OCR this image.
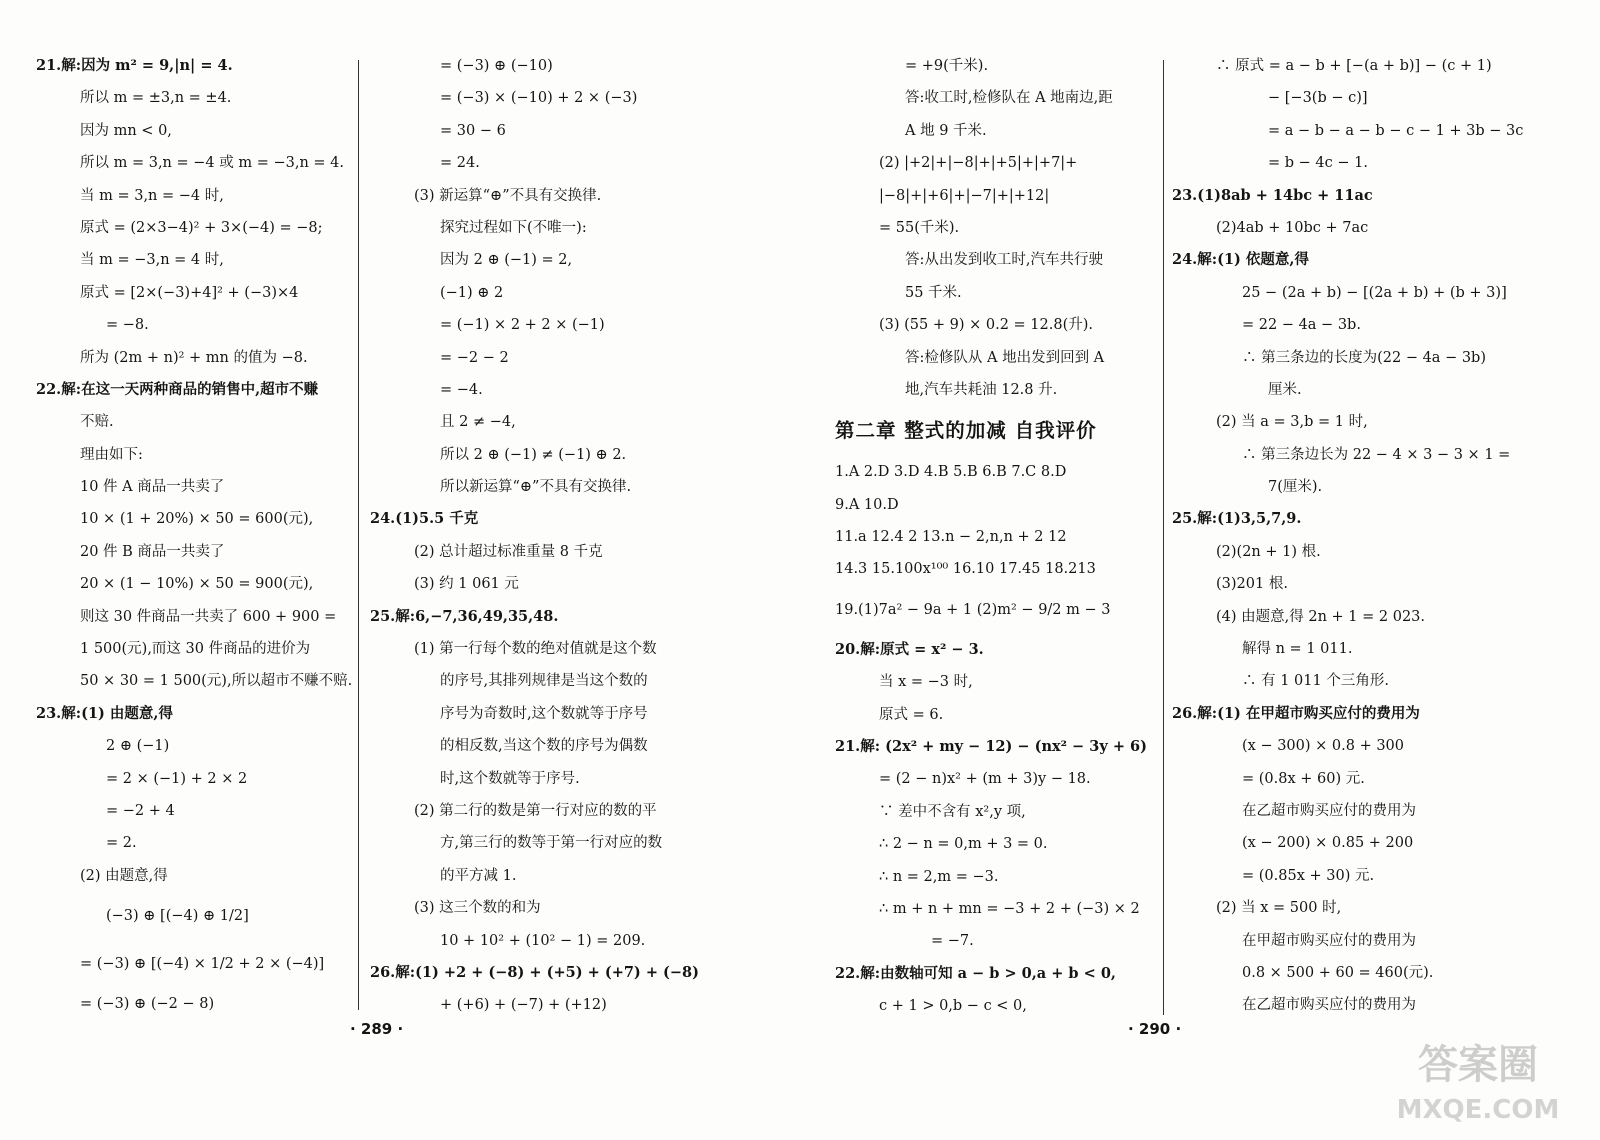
21.解:因为 m² = 9,|n| = 4.
所以 m = ±3,n = ±4.
因为 mn < 0,
所以 m = 3,n = −4 或 m = −3,n = 4.
当 m = 3,n = −4 时,
原式 = (2×3−4)² + 3×(−4) = −8;
当 m = −3,n = 4 时,
原式 = [2×(−3)+4]² + (−3)×4
= −8.
所为 (2m + n)² + mn 的值为 −8.
22.解:在这一天两种商品的销售中,超市不赚
不赔.
理由如下:
10 件 A 商品一共卖了
10 × (1 + 20%) × 50 = 600(元),
20 件 B 商品一共卖了
20 × (1 − 10%) × 50 = 900(元),
则这 30 件商品一共卖了 600 + 900 =
1 500(元),而这 30 件商品的进价为
50 × 30 = 1 500(元),所以超市不赚不赔.
23.解:(1) 由题意,得
2 ⊕ (−1)
= 2 × (−1) + 2 × 2
= −2 + 4
= 2.
(2) 由题意,得
(−3) ⊕ [(−4) ⊕ 1/2]
= (−3) ⊕ [(−4) × 1/2 + 2 × (−4)]
= (−3) ⊕ (−2 − 8)
= (−3) ⊕ (−10)
= (−3) × (−10) + 2 × (−3)
= 30 − 6
= 24.
(3) 新运算“⊕”不具有交换律.
探究过程如下(不唯一):
因为 2 ⊕ (−1) = 2,
(−1) ⊕ 2
= (−1) × 2 + 2 × (−1)
= −2 − 2
= −4.
且 2 ≠ −4,
所以 2 ⊕ (−1) ≠ (−1) ⊕ 2.
所以新运算“⊕”不具有交换律.
24.(1)5.5 千克
(2) 总计超过标准重量 8 千克
(3) 约 1 061 元
25.解:6,−7,36,49,35,48.
(1) 第一行每个数的绝对值就是这个数
的序号,其排列规律是当这个数的
序号为奇数时,这个数就等于序号
的相反数,当这个数的序号为偶数
时,这个数就等于序号.
(2) 第二行的数是第一行对应的数的平
方,第三行的数等于第一行对应的数
的平方减 1.
(3) 这三个数的和为
10 + 10² + (10² − 1) = 209.
26.解:(1) +2 + (−8) + (+5) + (+7) + (−8)
+ (+6) + (−7) + (+12)
· 289 ·
= +9(千米).
答:收工时,检修队在 A 地南边,距
A 地 9 千米.
(2) |+2|+|−8|+|+5|+|+7|+
|−8|+|+6|+|−7|+|+12|
= 55(千米).
答:从出发到收工时,汽车共行驶
55 千米.
(3) (55 + 9) × 0.2 = 12.8(升).
答:检修队从 A 地出发到回到 A
地,汽车共耗油 12.8 升.
第二章 整式的加减 自我评价
1.A 2.D 3.D 4.B 5.B 6.B 7.C 8.D
9.A 10.D
11.a 12.4 2 13.n − 2,n,n + 2 12
14.3 15.100x¹⁰⁰ 16.10 17.45 18.213
19.(1)7a² − 9a + 1 (2)m² − 9/2 m − 3
20.解:原式 = x² − 3.
当 x = −3 时,
原式 = 6.
21.解: (2x² + my − 12) − (nx² − 3y + 6)
= (2 − n)x² + (m + 3)y − 18.
∵ 差中不含有 x²,y 项,
∴ 2 − n = 0,m + 3 = 0.
∴ n = 2,m = −3.
∴ m + n + mn = −3 + 2 + (−3) × 2
= −7.
22.解:由数轴可知 a − b > 0,a + b < 0,
c + 1 > 0,b − c < 0,
∴ 原式 = a − b + [−(a + b)] − (c + 1)
− [−3(b − c)]
= a − b − a − b − c − 1 + 3b − 3c
= b − 4c − 1.
23.(1)8ab + 14bc + 11ac
(2)4ab + 10bc + 7ac
24.解:(1) 依题意,得
25 − (2a + b) − [(2a + b) + (b + 3)]
= 22 − 4a − 3b.
∴ 第三条边的长度为(22 − 4a − 3b)
厘米.
(2) 当 a = 3,b = 1 时,
∴ 第三条边长为 22 − 4 × 3 − 3 × 1 =
7(厘米).
25.解:(1)3,5,7,9.
(2)(2n + 1) 根.
(3)201 根.
(4) 由题意,得 2n + 1 = 2 023.
解得 n = 1 011.
∴ 有 1 011 个三角形.
26.解:(1) 在甲超市购买应付的费用为
(x − 300) × 0.8 + 300
= (0.8x + 60) 元.
在乙超市购买应付的费用为
(x − 200) × 0.85 + 200
= (0.85x + 30) 元.
(2) 当 x = 500 时,
在甲超市购买应付的费用为
0.8 × 500 + 60 = 460(元).
在乙超市购买应付的费用为
· 290 ·
答案圈
MXQE.COM
